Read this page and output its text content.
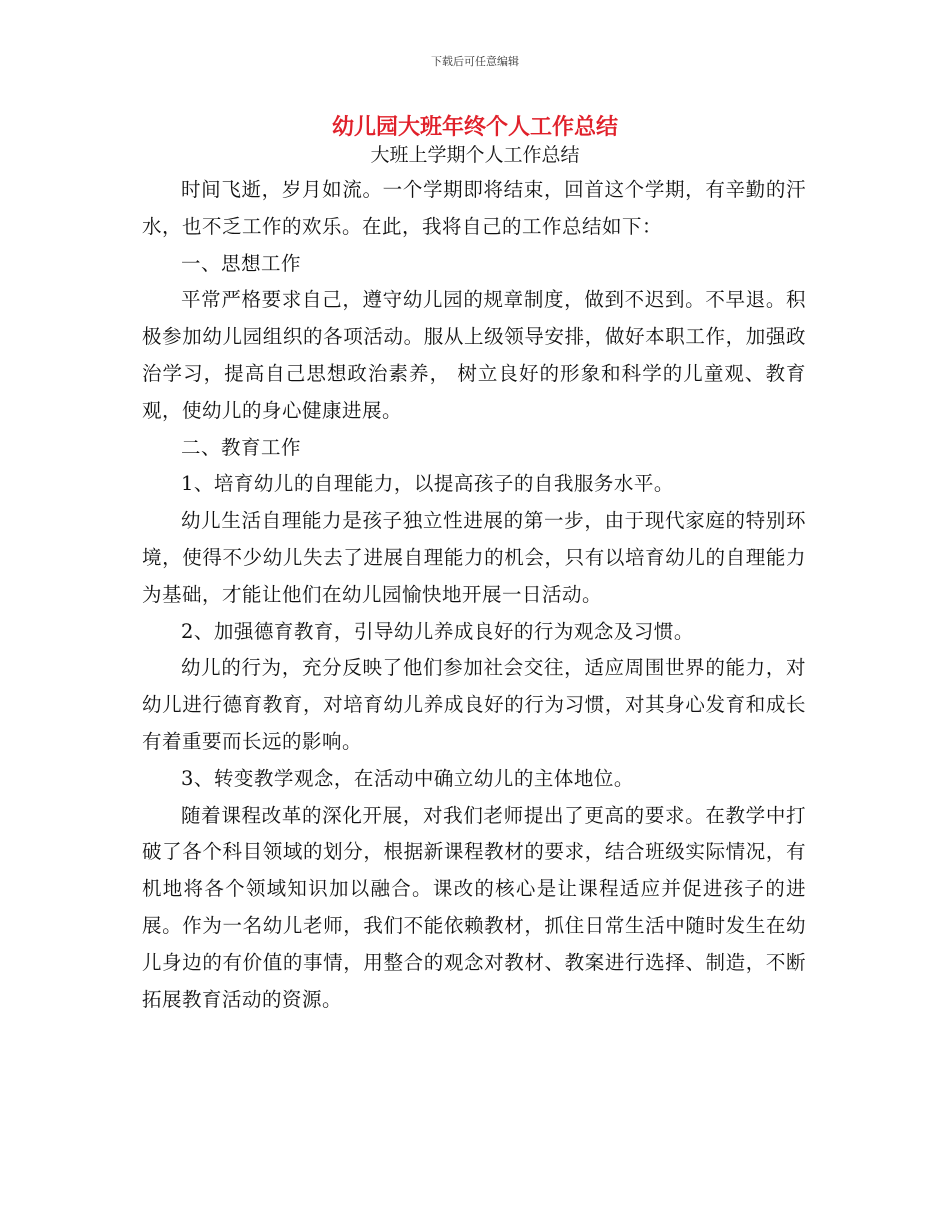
下载后可任意编辑
幼儿园大班年终个人工作总结
大班上学期个人工作总结

时间飞逝，岁月如流。一个学期即将结束，回首这个学期，有辛勤的汗水，也不乏工作的欢乐。在此，我将自己的工作总结如下：

一、思想工作

平常严格要求自己，遵守幼儿园的规章制度，做到不迟到。不早退。积极参加幼儿园组织的各项活动。服从上级领导安排，做好本职工作，加强政治学习，提高自己思想政治素养， 树立良好的形象和科学的儿童观、教育观，使幼儿的身心健康进展。

二、教育工作

1、培育幼儿的自理能力，以提高孩子的自我服务水平。

幼儿生活自理能力是孩子独立性进展的第一步，由于现代家庭的特别环境，使得不少幼儿失去了进展自理能力的机会，只有以培育幼儿的自理能力为基础，才能让他们在幼儿园愉快地开展一日活动。

2、加强德育教育，引导幼儿养成良好的行为观念及习惯。

幼儿的行为，充分反映了他们参加社会交往，适应周围世界的能力，对幼儿进行德育教育，对培育幼儿养成良好的行为习惯，对其身心发育和成长有着重要而长远的影响。

3、转变教学观念，在活动中确立幼儿的主体地位。

随着课程改革的深化开展，对我们老师提出了更高的要求。在教学中打破了各个科目领域的划分，根据新课程教材的要求，结合班级实际情况，有机地将各个领域知识加以融合。课改的核心是让课程适应并促进孩子的进展。作为一名幼儿老师，我们不能依赖教材，抓住日常生活中随时发生在幼儿身边的有价值的事情，用整合的观念对教材、教案进行选择、制造，不断拓展教育活动的资源。
